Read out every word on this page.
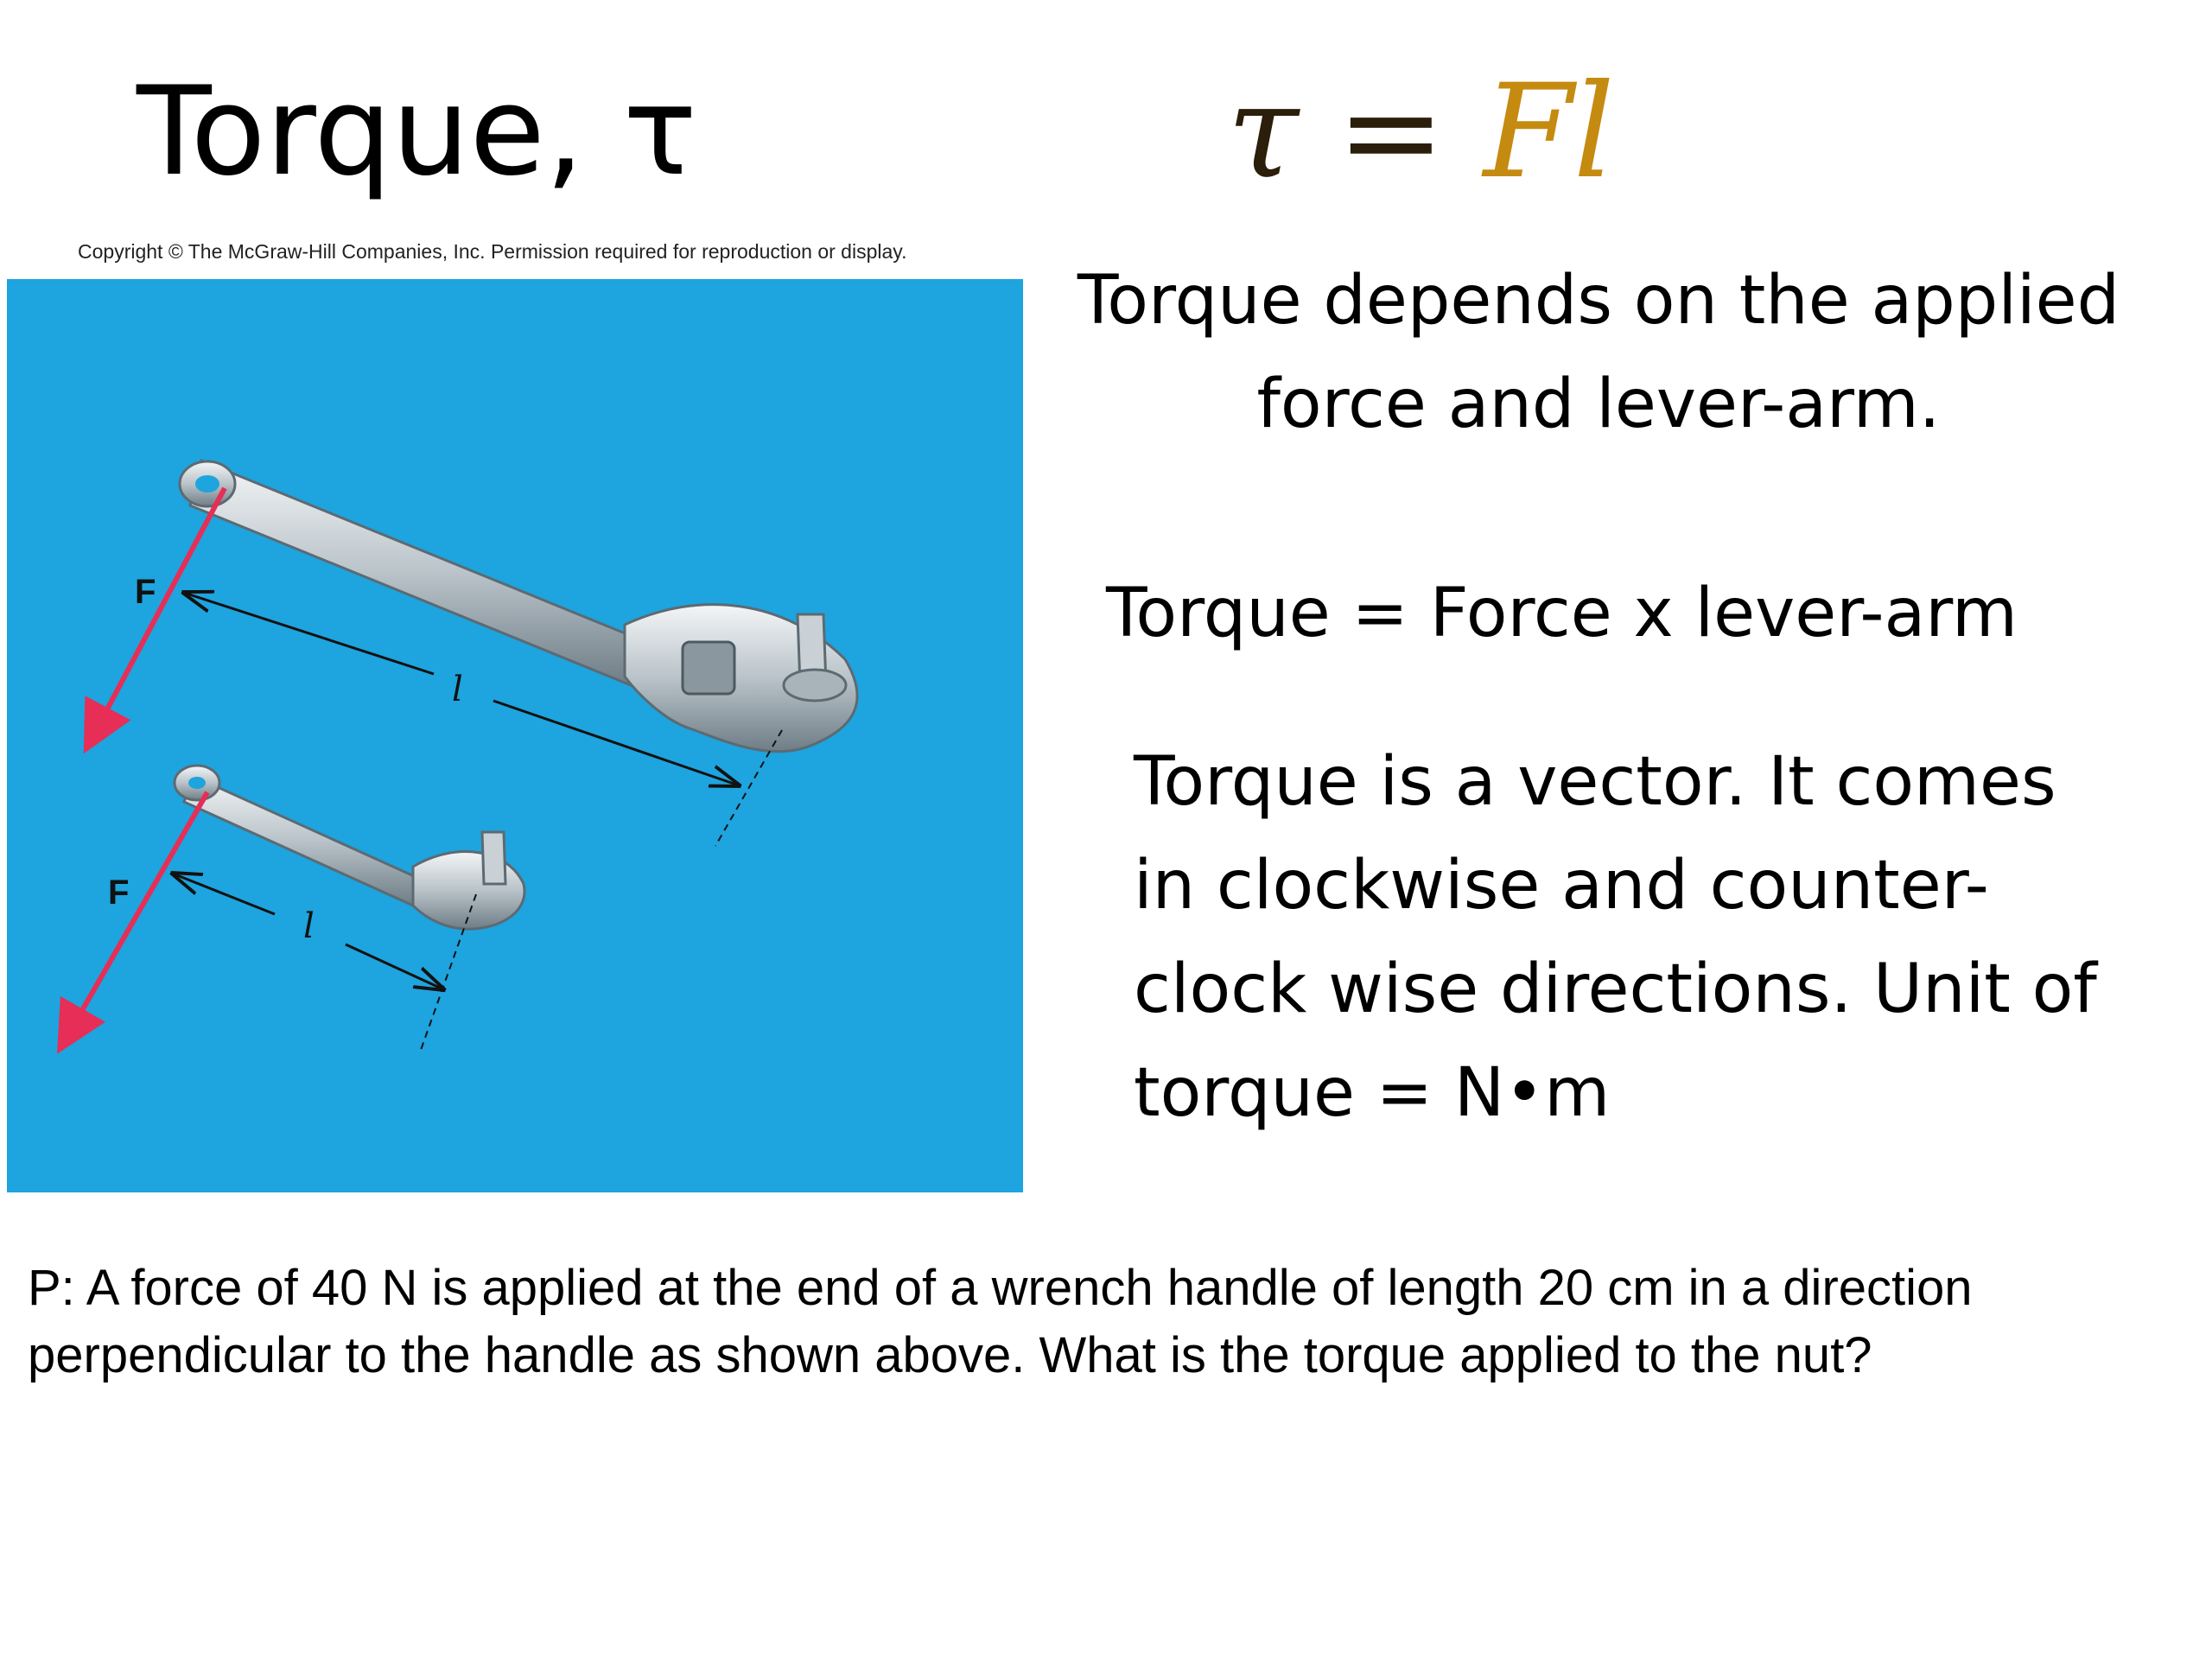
Torque, τ	τ = Fl
Copyright © The McGraw-Hill Companies, Inc. Permission required for reproduction or display.
F
F
l
l
Torque depends on the applied force and lever-arm.
Torque = Force x lever-arm
Torque is a vector. It comes in clockwise and counter-clock wise directions. Unit of torque = N•m
P: A force of 40 N is applied at the end of a wrench handle of length 20 cm in a direction perpendicular to the handle as shown above. What is the torque applied to the nut?
